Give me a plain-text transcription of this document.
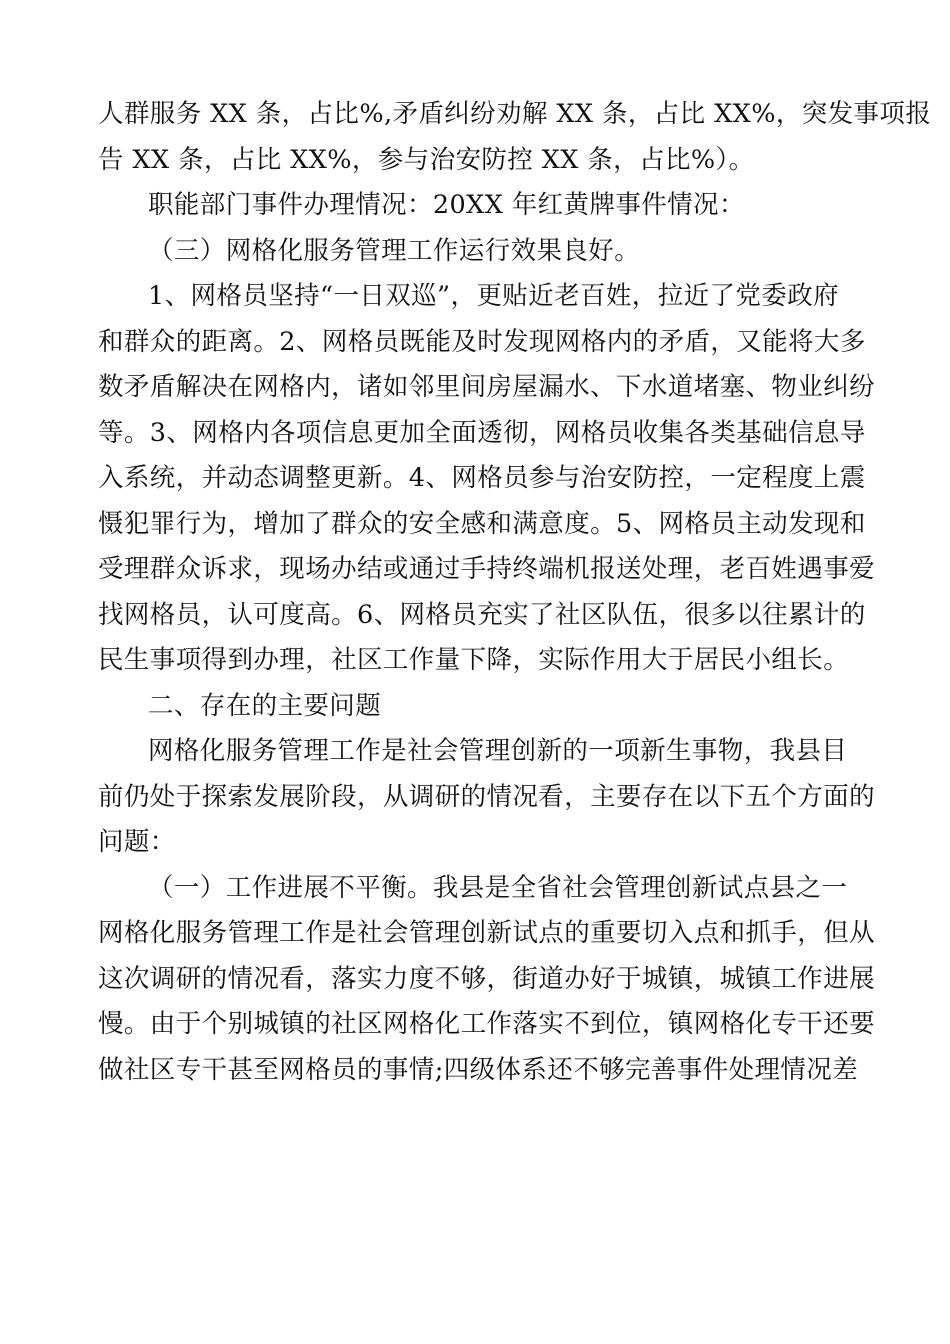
人群服务 XX 条，占比%,矛盾纠纷劝解 XX 条，占比 XX%，突发事项报
告 XX 条，占比 XX%，参与治安防控 XX 条，占比%）。
职能部门事件办理情况：20XX 年红黄牌事件情况：
（三）网格化服务管理工作运行效果良好。
1、网格员坚持“一日双巡”，更贴近老百姓，拉近了党委政府
和群众的距离。2、网格员既能及时发现网格内的矛盾，又能将大多
数矛盾解决在网格内，诸如邻里间房屋漏水、下水道堵塞、物业纠纷
等。3、网格内各项信息更加全面透彻，网格员收集各类基础信息导
入系统，并动态调整更新。4、网格员参与治安防控，一定程度上震
慑犯罪行为，增加了群众的安全感和满意度。5、网格员主动发现和
受理群众诉求，现场办结或通过手持终端机报送处理，老百姓遇事爱
找网格员，认可度高。6、网格员充实了社区队伍，很多以往累计的
民生事项得到办理，社区工作量下降，实际作用大于居民小组长。
二、存在的主要问题
网格化服务管理工作是社会管理创新的一项新生事物，我县目
前仍处于探索发展阶段，从调研的情况看，主要存在以下五个方面的
问题：
（一）工作进展不平衡。我县是全省社会管理创新试点县之一
网格化服务管理工作是社会管理创新试点的重要切入点和抓手，但从
这次调研的情况看，落实力度不够，街道办好于城镇，城镇工作进展
慢。由于个别城镇的社区网格化工作落实不到位，镇网格化专干还要
做社区专干甚至网格员的事情;四级体系还不够完善事件处理情况差
